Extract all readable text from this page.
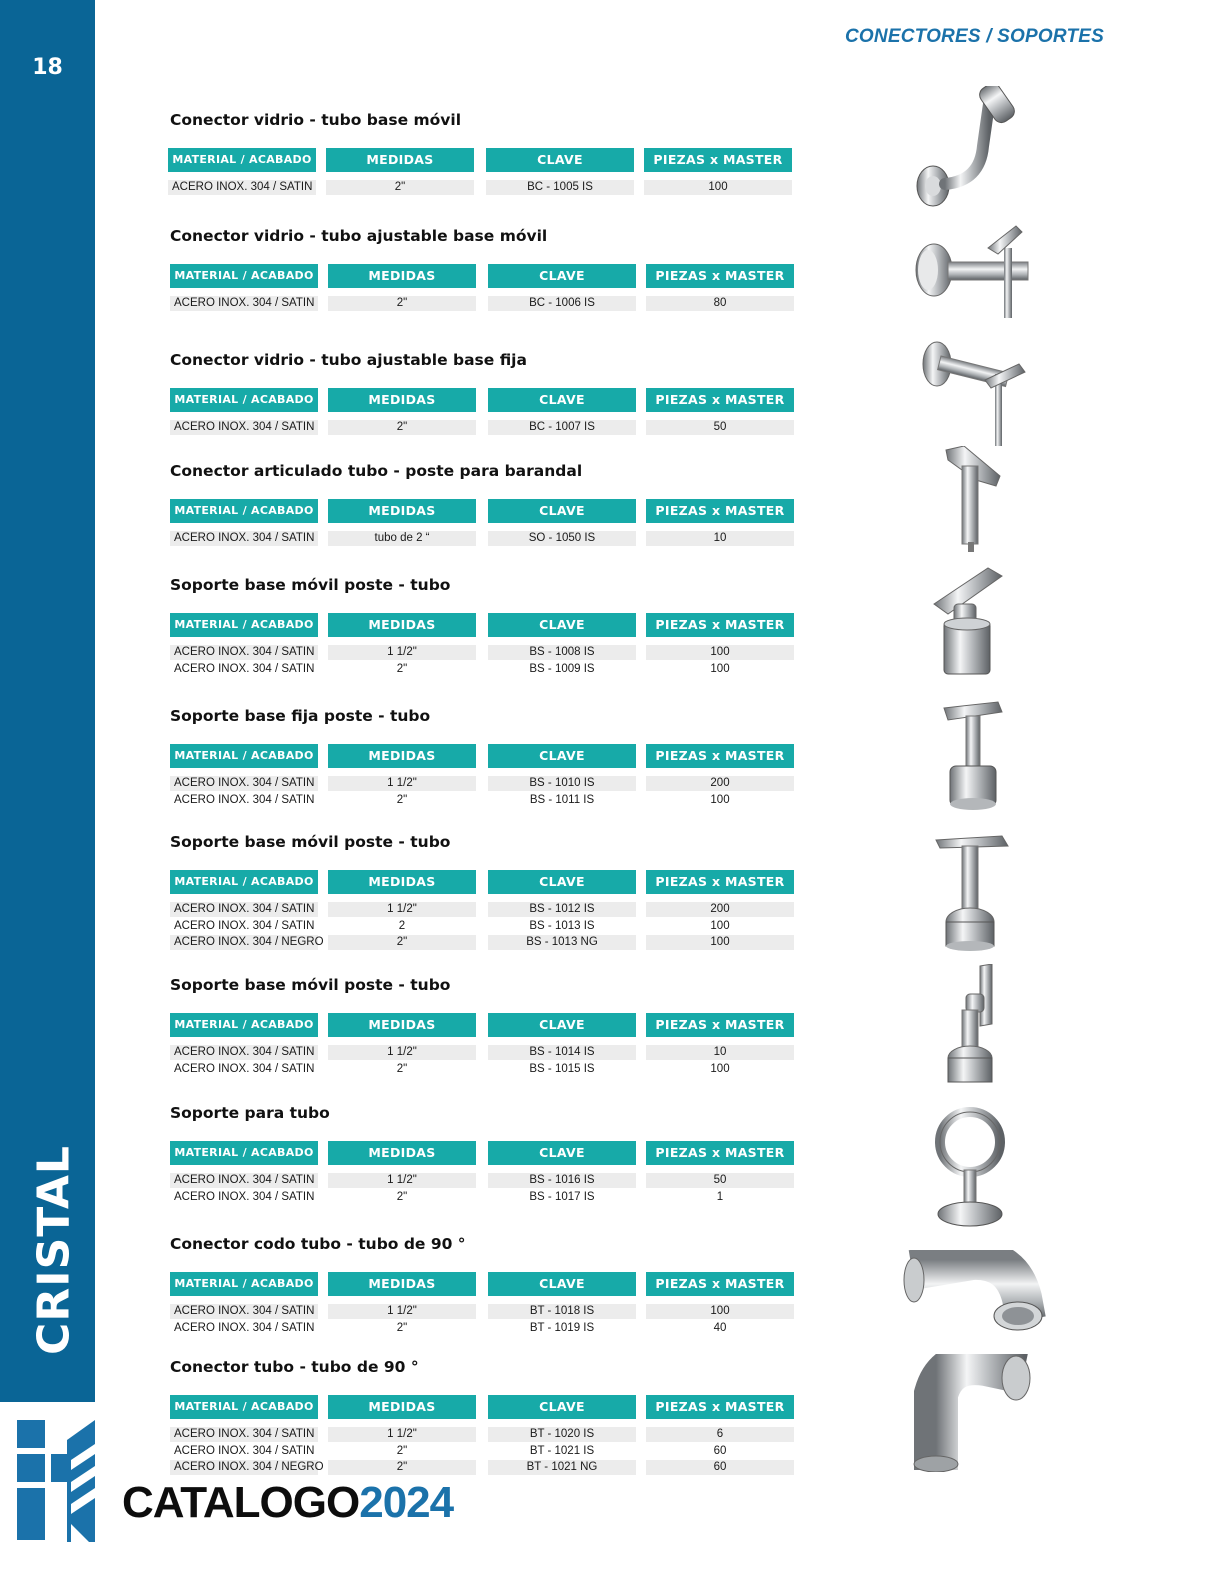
18
CRISTAL
CONECTORES / SOPORTES
CATALOGO2024
Conector vidrio - tubo base móvil
MATERIAL / ACABADO	MEDIDAS	CLAVE	PIEZAS x MASTER
ACERO INOX. 304 / SATIN	2"	BC - 1005 IS	100
Conector vidrio - tubo ajustable base móvil
MATERIAL / ACABADO	MEDIDAS	CLAVE	PIEZAS x MASTER
ACERO INOX. 304 / SATIN	2"	BC - 1006 IS	80
Conector vidrio - tubo ajustable base fija
MATERIAL / ACABADO	MEDIDAS	CLAVE	PIEZAS x MASTER
ACERO INOX. 304 / SATIN	2"	BC - 1007 IS	50
Conector articulado tubo - poste para barandal
MATERIAL / ACABADO	MEDIDAS	CLAVE	PIEZAS x MASTER
ACERO INOX. 304 / SATIN	tubo de 2 “	SO - 1050 IS	10
Soporte base móvil poste - tubo
MATERIAL / ACABADO	MEDIDAS	CLAVE	PIEZAS x MASTER
ACERO INOX. 304 / SATIN	1 1/2"	BS - 1008 IS	100
ACERO INOX. 304 / SATIN	2"	BS - 1009 IS	100
Soporte base fija poste - tubo
MATERIAL / ACABADO	MEDIDAS	CLAVE	PIEZAS x MASTER
ACERO INOX. 304 / SATIN	1 1/2"	BS - 1010 IS	200
ACERO INOX. 304 / SATIN	2"	BS - 1011 IS	100
Soporte base móvil poste - tubo
MATERIAL / ACABADO	MEDIDAS	CLAVE	PIEZAS x MASTER
ACERO INOX. 304 / SATIN	1 1/2"	BS - 1012 IS	200
ACERO INOX. 304 / SATIN	2	BS - 1013 IS	100
ACERO INOX. 304 / NEGRO	2"	BS - 1013 NG	100
Soporte base móvil poste - tubo
MATERIAL / ACABADO	MEDIDAS	CLAVE	PIEZAS x MASTER
ACERO INOX. 304 / SATIN	1 1/2"	BS - 1014 IS	10
ACERO INOX. 304 / SATIN	2"	BS - 1015 IS	100
Soporte para tubo
MATERIAL / ACABADO	MEDIDAS	CLAVE	PIEZAS x MASTER
ACERO INOX. 304 / SATIN	1 1/2"	BS - 1016 IS	50
ACERO INOX. 304 / SATIN	2"	BS - 1017 IS	1
Conector codo tubo - tubo de 90 °
MATERIAL / ACABADO	MEDIDAS	CLAVE	PIEZAS x MASTER
ACERO INOX. 304 / SATIN	1 1/2"	BT - 1018 IS	100
ACERO INOX. 304 / SATIN	2"	BT - 1019 IS	40
Conector tubo - tubo de 90 °
MATERIAL / ACABADO	MEDIDAS	CLAVE	PIEZAS x MASTER
ACERO INOX. 304 / SATIN	1 1/2"	BT - 1020 IS	6
ACERO INOX. 304 / SATIN	2"	BT - 1021 IS	60
ACERO INOX. 304 / NEGRO	2"	BT - 1021 NG	60
